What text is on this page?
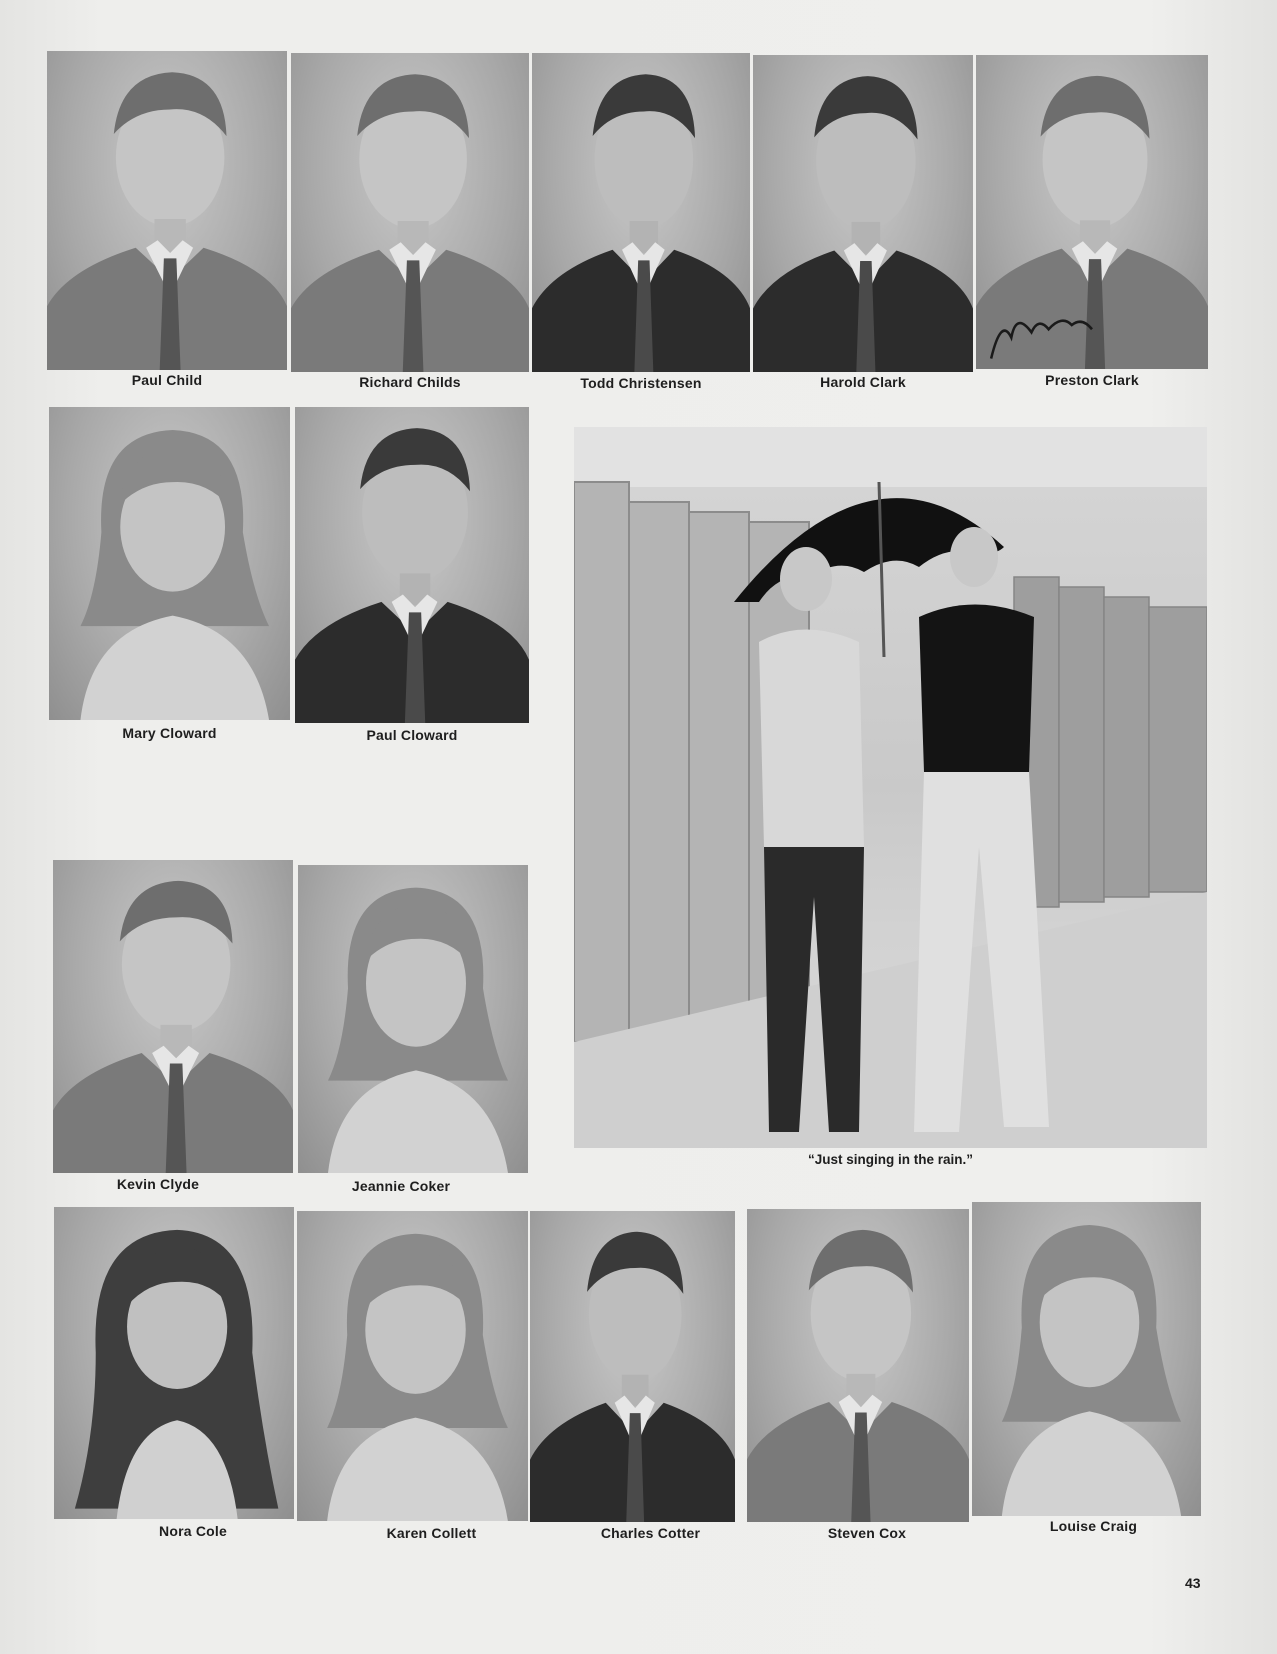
Paul Child	Richard Childs	Todd Christensen	Harold Clark	Preston Clark
Mary Cloward	Paul Cloward
“Just singing in the rain.”
Kevin Clyde	Jeannie Coker
Nora Cole	Karen Collett	Charles Cotter	Steven Cox	Louise Craig
43
